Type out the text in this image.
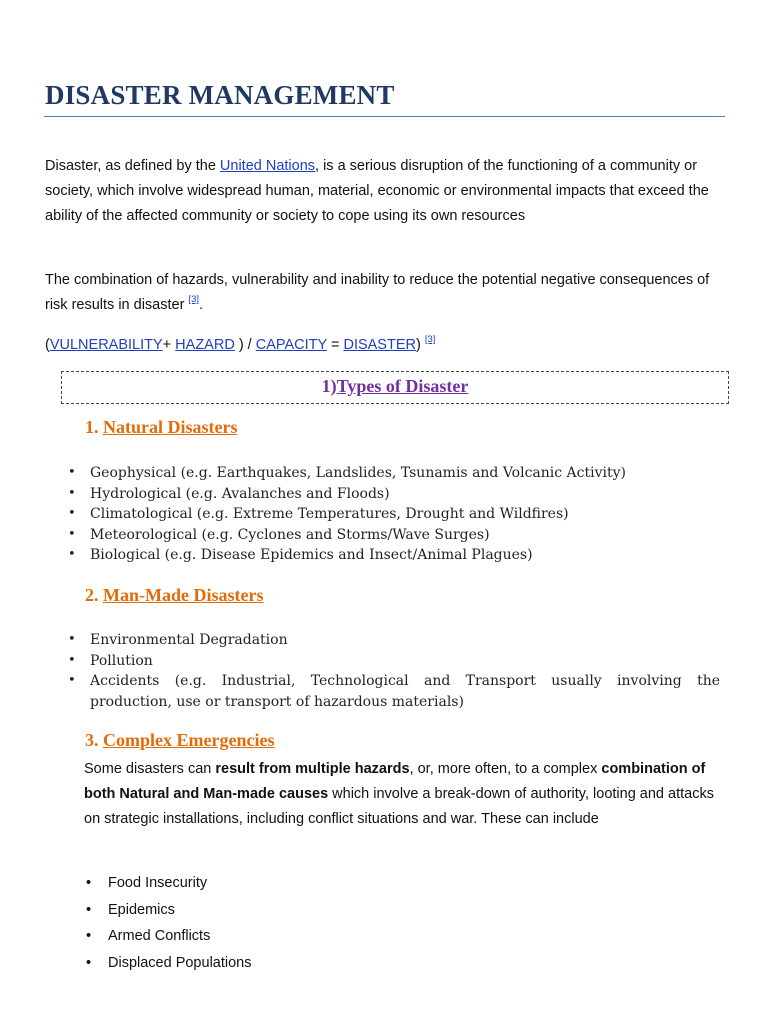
DISASTER MANAGEMENT

Disaster, as defined by the United Nations, is a serious disruption of the functioning of a community or society, which involve widespread human, material, economic or environmental impacts that exceed the ability of the affected community or society to cope using its own resources

The combination of hazards, vulnerability and inability to reduce the potential negative consequences of risk results in disaster [3].

(VULNERABILITY+ HAZARD ) / CAPACITY = DISASTER) [3]

1)Types of Disaster
1. Natural Disasters
• Geophysical (e.g. Earthquakes, Landslides, Tsunamis and Volcanic Activity)
• Hydrological (e.g. Avalanches and Floods)
• Climatological (e.g. Extreme Temperatures, Drought and Wildfires)
• Meteorological (e.g. Cyclones and Storms/Wave Surges)
• Biological (e.g. Disease Epidemics and Insect/Animal Plagues)
2. Man-Made Disasters
• Environmental Degradation
• Pollution
• Accidents (e.g. Industrial, Technological and Transport usually involving the
production, use or transport of hazardous materials)
3. Complex Emergencies

Some disasters can result from multiple hazards, or, more often, to a complex combination of both Natural and Man-made causes which involve a break-down of authority, looting and attacks on strategic installations, including conflict situations and war. These can include

• Food Insecurity
• Epidemics
• Armed Conflicts
• Displaced Populations
